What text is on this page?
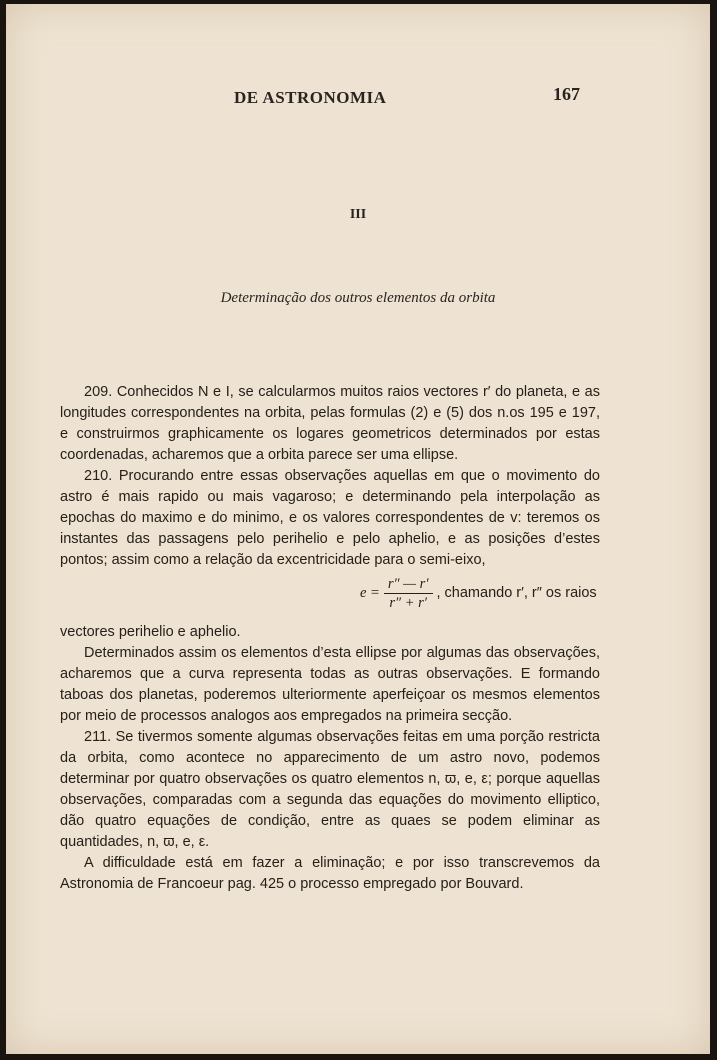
DE ASTRONOMIA	167
III
Determinação dos outros elementos da orbita

209. Conhecidos N e I, se calcularmos muitos raios vectores r′ do planeta, e as longitudes correspondentes na orbita, pelas formulas (2) e (5) dos n.os 195 e 197, e construirmos graphicamente os logares geometricos determinados por estas coordenadas, acharemos que a orbita parece ser uma ellipse.

210. Procurando entre essas observações aquellas em que o movimento do astro é mais rapido ou mais vagaroso; e determinando pela interpolação as epochas do maximo e do minimo, e os valores correspondentes de v: teremos os instantes das passagens pelo perihelio e pelo aphelio, e as posições d’estes pontos; assim como a relação da excentricidade para o semi-eixo,

$e = \frac{r'' — r'}{r'' + r'}$ , chamando r′, r″ os raios

vectores perihelio e aphelio.

Determinados assim os elementos d’esta ellipse por algumas das observações, acharemos que a curva representa todas as outras observações. E formando taboas dos planetas, poderemos ulteriormente aperfeiçoar os mesmos elementos por meio de processos analogos aos empregados na primeira secção.

211. Se tivermos somente algumas observações feitas em uma porção restricta da orbita, como acontece no apparecimento de um astro novo, podemos determinar por quatro observações os quatro elementos n, ϖ, e, ε; porque aquellas observações, comparadas com a segunda das equações do movimento elliptico, dão quatro equações de condição, entre as quaes se podem eliminar as quantidades, n, ϖ, e, ε.

A difficuldade está em fazer a eliminação; e por isso transcrevemos da Astronomia de Francoeur pag. 425 o processo empregado por Bouvard.
